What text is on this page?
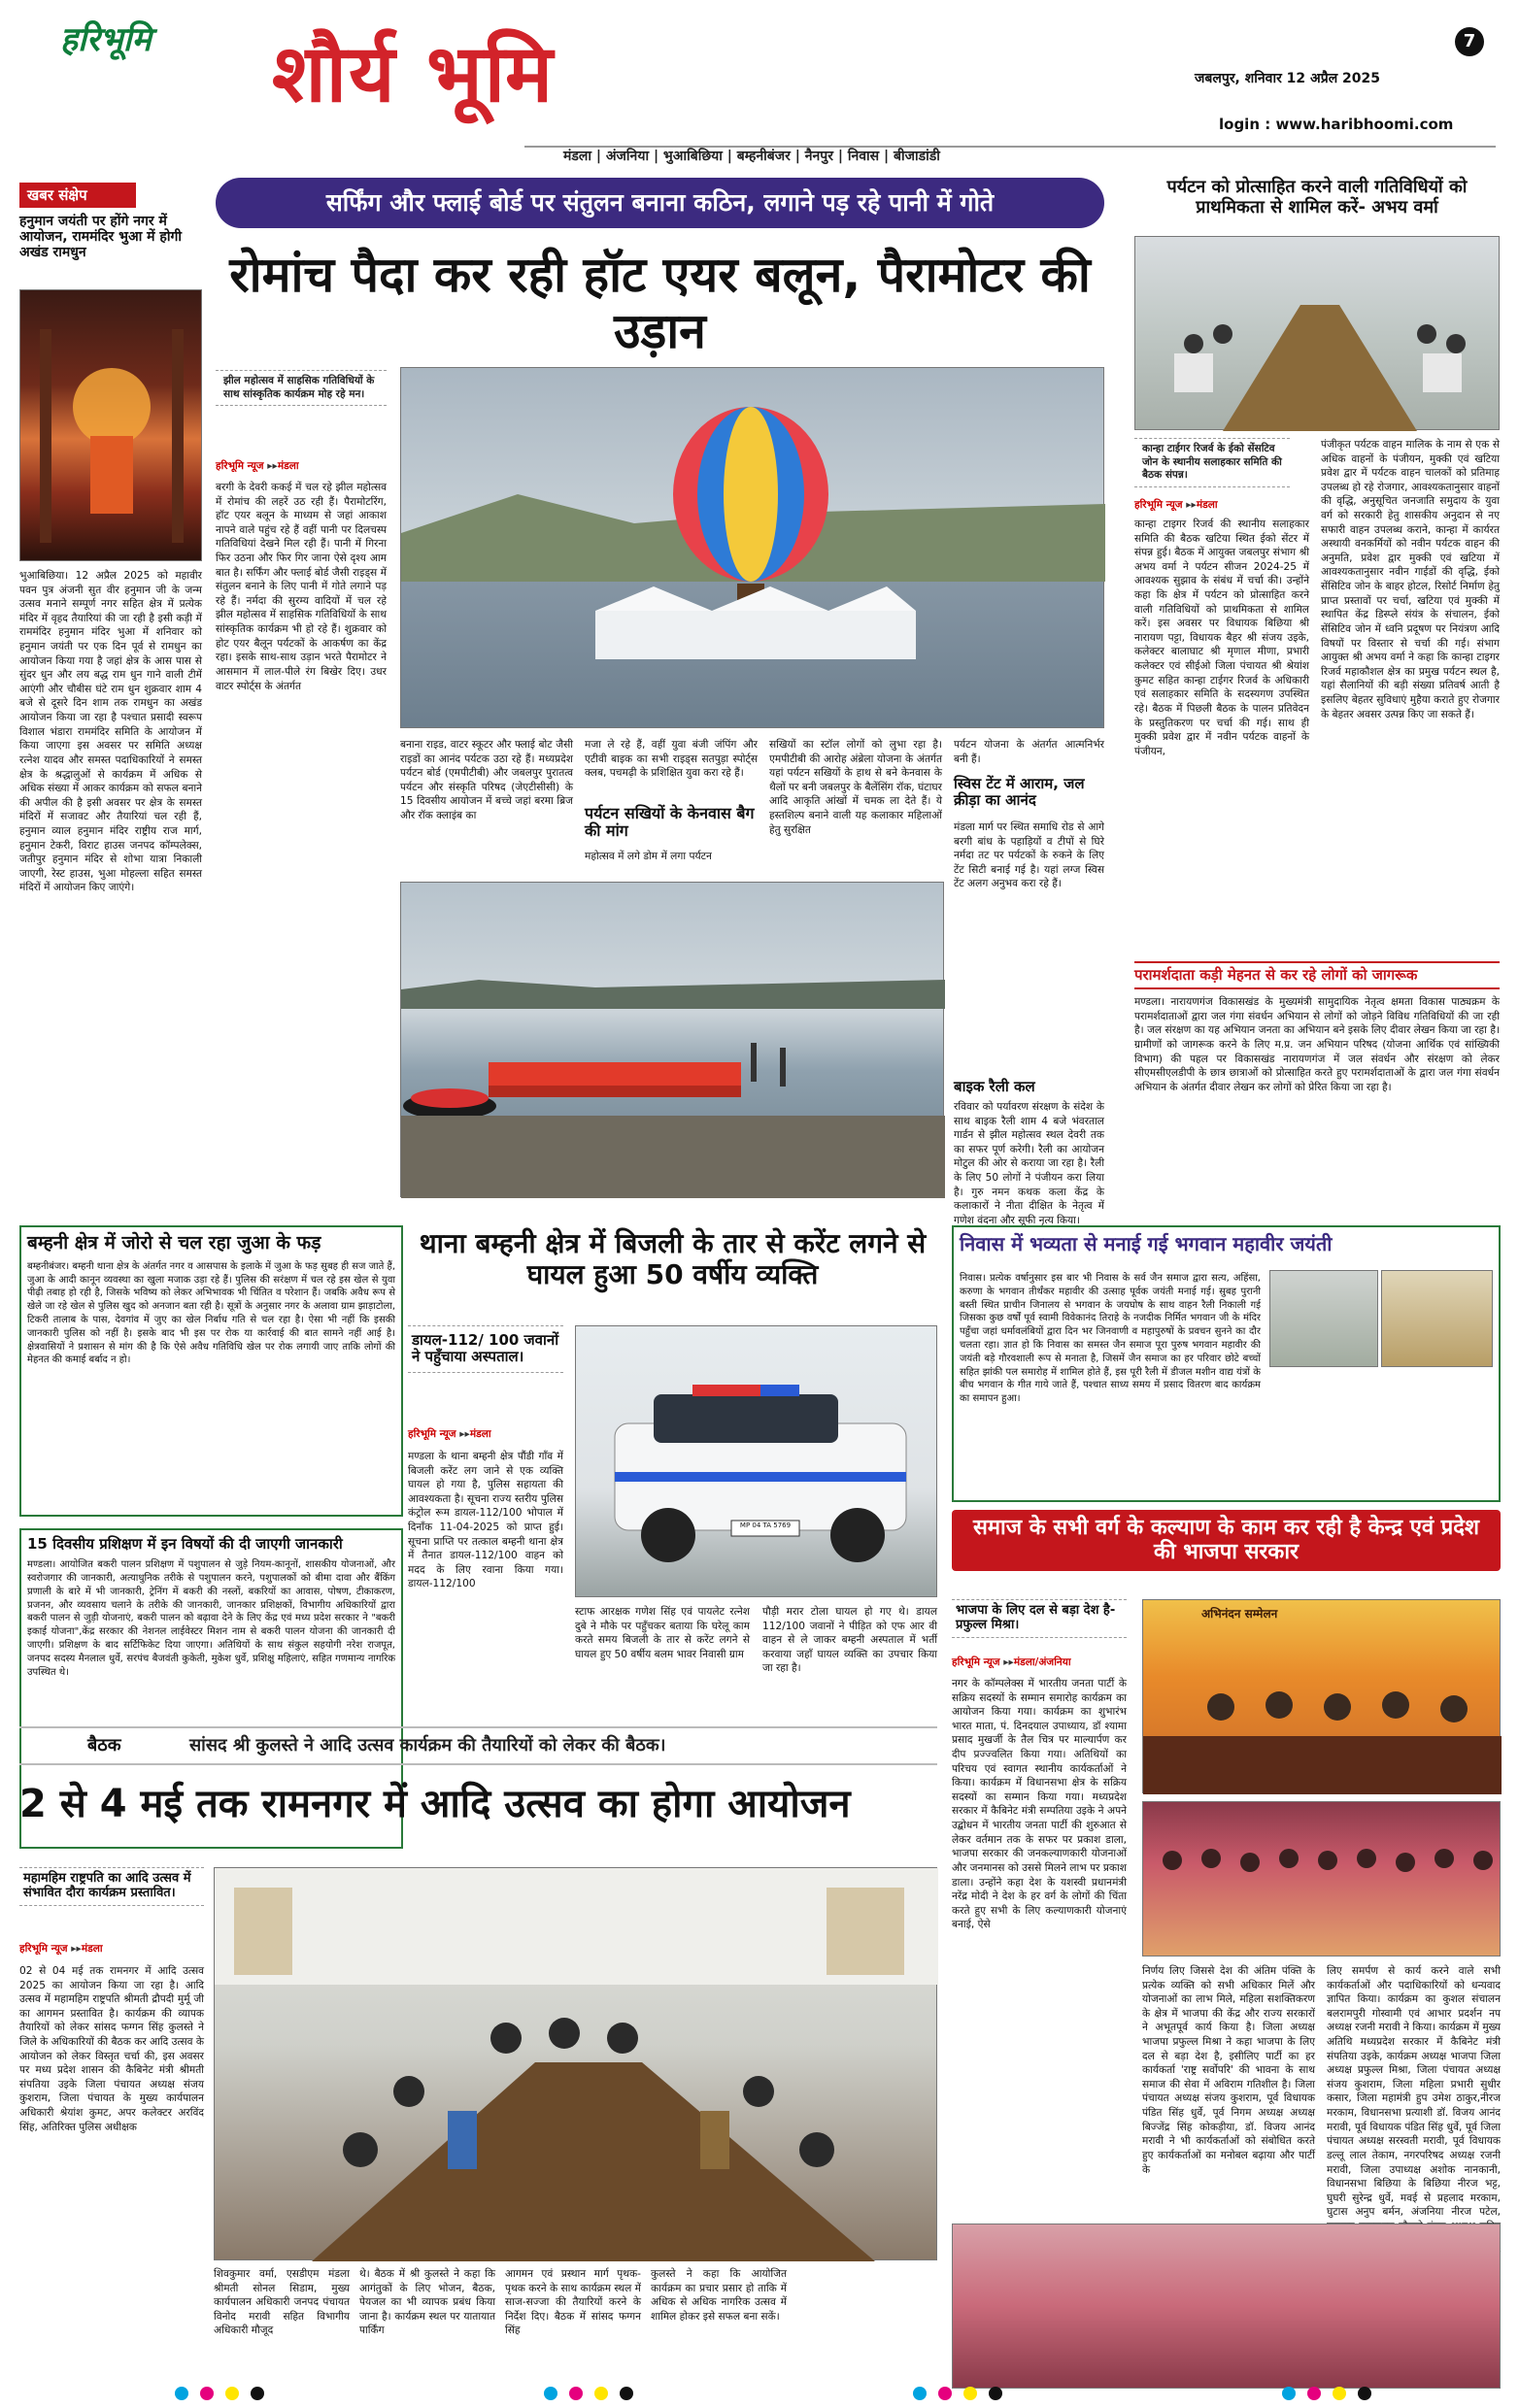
हरिभूमि शौर्य भूमि	7
जबलपुर, शनिवार 12 अप्रैल 2025
login : www.haribhoomi.com
मंडला | अंजनिया | भुआबिछिया | बम्हनीबंजर | नैनपुर | निवास | बीजाडांडी
खबर संक्षेप
हनुमान जयंती पर होंगे नगर में आयोजन, राममंदिर भुआ में होगी अखंड रामधुन
भुआबिछिया। 12 अप्रैल 2025 को महावीर पवन पुत्र अंजनी सुत वीर हनुमान जी के जन्म उत्सव मनाने सम्पूर्ण नगर सहित क्षेत्र में प्रत्येक मंदिर में वृहद तैयारियां की जा रही है इसी कड़ी में राममंदिर हनुमान मंदिर भुआ में शनिवार को हनुमान जयंती पर एक दिन पूर्व से रामधुन का आयोजन किया गया है जहां क्षेत्र के आस पास से सुंदर धुन और लय बद्ध राम धुन गाने वाली टीमें आएंगी और चौबीस घंटे राम धुन शुक्रवार शाम 4 बजे से दूसरे दिन शाम तक रामधुन का अखंड आयोजन किया जा रहा है पश्चात प्रसादी स्वरूप विशाल भंडारा राममंदिर समिति के आयोजन में किया जाएगा इस अवसर पर समिति अध्यक्ष रत्नेश यादव और समस्त पदाधिकारियों ने समस्त क्षेत्र के श्रद्धालुओं से कार्यक्रम में अधिक से अधिक संख्या में आकर कार्यक्रम को सफल बनाने की अपील की है इसी अवसर पर क्षेत्र के समस्त मंदिरों में सजावट और तैयारियां चल रही हैं, हनुमान व्याल हनुमान मंदिर राष्ट्रीय राज मार्ग, हनुमान टेकरी, विराट हाउस जनपद कॉम्पलेक्स, जतीपुर हनुमान मंदिर से शोभा यात्रा निकाली जाएगी, रेस्ट हाउस, भुआ मोहल्ला सहित समस्त मंदिरों में आयोजन किए जाएंगे।
सर्फिंग और फ्लाई बोर्ड पर संतुलन बनाना कठिन, लगाने पड़ रहे पानी में गोते
रोमांच पैदा कर रही हॉट एयर बलून, पैरामोटर की उड़ान
झील महोत्सव में साहसिक गतिविधियों के साथ सांस्कृतिक कार्यक्रम मोह रहे मन।
हरिभूमि न्यूज ▸▸मंडला
बरगी के देवरी ककई में चल रहे झील महोत्सव में रोमांच की लहरें उठ रही हैं। पैरामोटरिंग, हॉट एयर बलून के माध्यम से जहां आकाश नापने वाले पहुंच रहे हैं वहीं पानी पर दिलचस्प गतिविधियां देखने मिल रही हैं। पानी में गिरना फिर उठना और फिर गिर जाना ऐसे दृश्य आम बात है। सर्फिंग और फ्लाई बोर्ड जैसी राइड्स में संतुलन बनाने के लिए पानी में गोते लगाने पड़ रहे हैं। नर्मदा की सुरम्य वादियों में चल रहे झील महोत्सव में साहसिक गतिविधियों के साथ सांस्कृतिक कार्यक्रम भी हो रहे हैं। शुक्रवार को होट एयर बैलून पर्यटकों के आकर्षण का केंद्र रहा। इसके साथ-साथ उड़ान भरते पैरामोटर ने आसमान में लाल-पीले रंग बिखेर दिए। उधर वाटर स्पोर्ट्स के अंतर्गत
बनाना राइड, वाटर स्कूटर और फ्लाई बोट जैसी राइडों का आनंद पर्यटक उठा रहे हैं। मध्यप्रदेश पर्यटन बोर्ड (एमपीटीबी) और जबलपुर पुरातत्व पर्यटन और संस्कृति परिषद (जेएटीसीसी) के 15 दिवसीय आयोजन में बच्चे जहां बरमा ब्रिज और रॉक क्लाइंब का
मजा ले रहे हैं, वहीं युवा बंजी जंपिंग और एटीवी बाइक का सभी राइड्स सतपुड़ा स्पोर्ट्स क्लब, पचमढ़ी के प्रशिक्षित युवा करा रहे हैं।
पर्यटन सखियों के केनवास बैग की मांग
महोत्सव में लगे डोम में लगा पर्यटन
सखियों का स्टॉल लोगों को लुभा रहा है। एमपीटीबी की आरोह अंब्रेला योजना के अंतर्गत यहां पर्यटन सखियों के हाथ से बने केनवास के थैलों पर बनी जबलपुर के बैलेंसिंग रॉक, घंटाघर आदि आकृति आंखों में चमक ला देते हैं। ये हस्तशिल्प बनाने वाली यह कलाकार महिलाओं हेतु सुरक्षित
पर्यटन योजना के अंतर्गत आत्मनिर्भर बनी हैं।
स्विस टेंट में आराम, जल क्रीड़ा का आनंद
मंडला मार्ग पर स्थित समाधि रोड से आगे बरगी बांध के पहाड़ियों व टीपों से घिरे नर्मदा तट पर पर्यटकों के रुकने के लिए टेंट सिटी बनाई गई है। यहां लग्ज स्विस टेंट अलग अनुभव करा रहे हैं।
बाइक रैली कल
रविवार को पर्यावरण संरक्षण के संदेश के साथ बाइक रैली शाम 4 बजे भंवरताल गार्डन से झील महोत्सव स्थल देवरी तक का सफर पूर्ण करेगी। रैली का आयोजन मोटुल की ओर से कराया जा रहा है। रैली के लिए 50 लोगों ने पंजीयन करा लिया है। गुरु नमन कथक कला केंद्र के कलाकारों ने नीता दीक्षित के नेतृत्व में गणेश वंदना और सूफी नृत्य किया।
पर्यटन को प्रोत्साहित करने वाली गतिविधियों को प्राथमिकता से शामिल करें- अभय वर्मा
कान्हा टाईगर रिजर्व के ईको सेंसटिव जोन के स्थानीय सलाहकार समिति की बैठक संपन्न।
हरिभूमि न्यूज ▸▸मंडला
कान्हा टाइगर रिजर्व की स्थानीय सलाहकार समिति की बैठक खटिया स्थित ईको सेंटर में संपन्न हुई। बैठक में आयुक्त जबलपुर संभाग श्री अभय वर्मा ने पर्यटन सीजन 2024-25 में आवश्यक सुझाव के संबंध में चर्चा की। उन्होंने कहा कि क्षेत्र में पर्यटन को प्रोत्साहित करने वाली गतिविधियों को प्राथमिकता से शामिल करें। इस अवसर पर विधायक बिछिया श्री नारायण पट्टा, विधायक बैहर श्री संजय उइके, कलेक्टर बालाघाट श्री मृणाल मीणा, प्रभारी कलेक्टर एवं सीईओ जिला पंचायत श्री श्रेयांश कुमट सहित कान्हा टाईगर रिजर्व के अधिकारी एवं सलाहकार समिति के सदस्यगण उपस्थित रहे। बैठक में पिछली बैठक के पालन प्रतिवेदन के प्रस्तुतिकरण पर चर्चा की गई। साथ ही मुक्की प्रवेश द्वार में नवीन पर्यटक वाहनों के पंजीयन,
पंजीकृत पर्यटक वाहन मालिक के नाम से एक से अधिक वाहनों के पंजीयन, मुक्की एवं खटिया प्रवेश द्वार में पर्यटक वाहन चालकों को प्रतिमाह उपलब्ध हो रहे रोजगार, आवश्यकतानुसार वाहनों की वृद्धि, अनुसूचित जनजाति समुदाय के युवा वर्ग को सरकारी हेतु शासकीय अनुदान से नए सफारी वाहन उपलब्ध कराने, कान्हा में कार्यरत अस्थायी वनकर्मियों को नवीन पर्यटक वाहन की अनुमति, प्रवेश द्वार मुक्की एवं खटिया में आवश्यकतानुसार नवीन गाईडों की वृद्धि, ईको सेंसिटिव जोन के बाहर होटल, रिसोर्ट निर्माण हेतु प्राप्त प्रस्तावों पर चर्चा, खटिया एवं मुक्की में स्थापित केंद्र डिस्प्ले संयंत्र के संचालन, ईको सेंसिटिव जोन में ध्वनि प्रदूषण पर नियंत्रण आदि विषयों पर विस्तार से चर्चा की गई। संभाग आयुक्त श्री अभय वर्मा ने कहा कि कान्हा टाइगर रिजर्व महाकौशल क्षेत्र का प्रमुख पर्यटन स्थल है, यहां सैलानियों की बड़ी संख्या प्रतिवर्ष आती है इसलिए बेहतर सुविधाएं मुहैया कराते हुए रोजगार के बेहतर अवसर उत्पन्न किए जा सकते हैं।
परामर्शदाता कड़ी मेहनत से कर रहे लोगों को जागरूक
मण्डला। नारायणगंज विकासखंड के मुख्यमंत्री सामुदायिक नेतृत्व क्षमता विकास पाठ्यक्रम के परामर्शदाताओं द्वारा जल गंगा संवर्धन अभियान से लोगों को जोड़ने विविध गतिविधियों की जा रही है। जल संरक्षण का यह अभियान जनता का अभियान बने इसके लिए दीवार लेखन किया जा रहा है। ग्रामीणों को जागरूक करने के लिए म.प्र. जन अभियान परिषद (योजना आर्थिक एवं सांख्यिकी विभाग) की पहल पर विकासखंड नारायणगंज में जल संवर्धन और संरक्षण को लेकर सीएमसीएलडीपी के छात्र छात्राओं को प्रोत्साहित करते हुए परामर्शदाताओं के द्वारा जल गंगा संवर्धन अभियान के अंतर्गत दीवार लेखन कर लोगों को प्रेरित किया जा रहा है।
बम्हनी क्षेत्र में जोरो से चल रहा जुआ के फड़
बम्हनीबंजर। बम्हनी थाना क्षेत्र के अंतर्गत नगर व आसपास के इलाके में जुआ के फड़ सुबह ही सज जाते हैं, जुआ के आदी कानून व्यवस्था का खुला मजाक उड़ा रहे हैं। पुलिस की सरंक्षण में चल रहे इस खेल से युवा पीढ़ी तबाह हो रही है, जिसके भविष्य को लेकर अभिभावक भी चिंतित व परेशान हैं। जबकि अवैध रूप से खेले जा रहे खेल से पुलिस खुद को अनजान बता रही है। सूत्रों के अनुसार नगर के अलावा ग्राम झाड़ाटोला, टिकरी तालाब के पास, देवगांव में जुए का खेल निर्बाध गति से चल रहा है। ऐसा भी नहीं कि इसकी जानकारी पुलिस को नहीं है। इसके बाद भी इस पर रोक या कार्रवाई की बात सामने नहीं आई है। क्षेत्रवासियों ने प्रशासन से मांग की है कि ऐसे अवैध गतिविधि खेल पर रोक लगायी जाए ताकि लोगों की मेहनत की कमाई बर्बाद न हो।
15 दिवसीय प्रशिक्षण में इन विषयों की दी जाएगी जानकारी
मण्डला। आयोजित बकरी पालन प्रशिक्षण में पशुपालन से जुड़े नियम-कानूनों, शासकीय योजनाओं, और स्वरोजगार की जानकारी, अत्याधुनिक तरीके से पशुपालन करने, पशुपालकों को बीमा दावा और बैंकिंग प्रणाली के बारे में भी जानकारी, ट्रेनिंग में बकरी की नस्लों, बकरियों का आवास, पोषण, टीकाकरण, प्रजनन, और व्यवसाय चलाने के तरीके की जानकारी, जानकार प्रशिक्षकों, विभागीय अधिकारियों द्वारा बकरी पालन से जुड़ी योजनाएं, बकरी पालन को बढ़ावा देने के लिए केंद्र एवं मध्य प्रदेश सरकार ने "बकरी इकाई योजना",केंद्र सरकार की नेशनल लाईवेस्टर मिशन नाम से बकरी पालन योजना की जानकारी दी जाएगी। प्रशिक्षण के बाद सर्टिफिकेट दिया जाएगा। अतिथियों के साथ संकुल सहयोगी नरेश राजपूत, जनपद सदस्य मैनलाल धुर्वे, सरपंच बैजवंती कुकेती, मुकेश धुर्वे, प्रशिक्षु महिलाएं, सहित गणमान्य नागरिक उपस्थित थे।
थाना बम्हनी क्षेत्र में बिजली के तार से करेंट लगने से घायल हुआ 50 वर्षीय व्यक्ति
डायल-112/ 100 जवानों ने पहुँचाया अस्पताल।
हरिभूमि न्यूज ▸▸मंडला
मण्डला के थाना बम्हनी क्षेत्र पौंडी गाँव में बिजली करेंट लग जाने से एक व्यक्ति घायल हो गया है, पुलिस सहायता की आवश्यकता है। सूचना राज्य स्तरीय पुलिस कंट्रोल रूम डायल-112/100 भोपाल में दिनाँक 11-04-2025 को प्राप्त हुई। सूचना प्राप्ति पर तत्काल बम्हनी थाना क्षेत्र में तैनात डायल-112/100 वाहन को मदद के लिए रवाना किया गया। डायल-112/100
MP 04 TA 5769
स्टाफ आरक्षक गणेश सिंह एवं पायलेट रत्नेश दुबे ने मौके पर पहुँचकर बताया कि घरेलू काम करते समय बिजली के तार से करेंट लगने से घायल हुए 50 वर्षीय बलम भावर निवासी ग्राम
पौड़ी मरार टोला घायल हो गए थे। डायल 112/100 जवानों ने पीड़ित को एफ आर वी वाहन से ले जाकर बम्हनी अस्पताल में भर्ती करवाया जहाँ घायल व्यक्ति का उपचार किया जा रहा है।
निवास में भव्यता से मनाई गई भगवान महावीर जयंती
निवास। प्रत्येक वर्षानुसार इस बार भी निवास के सर्व जैन समाज द्वारा सत्य, अहिंसा, करुणा के भगवान तीर्थंकर महावीर की उत्साह पूर्वक जयंती मनाई गई। सुबह पुरानी बस्ती स्थित प्राचीन जिनालय से भगवान के जयघोष के साथ वाहन रैली निकाली गई जिसका कुछ वर्षों पूर्व स्वामी विवेकानंद तिराहे के नजदीक निर्मित भगवान जी के मंदिर पहुँचा जहां धर्मावलंबियों द्वारा दिन भर जिनवाणी व महापुरुषों के प्रवचन सुनने का दौर चलता रहा। ज्ञात हो कि निवास का समस्त जैन समाज पूरा पुरुष भगवान महावीर की जयंती बड़े गौरवशाली रूप से मनाता है, जिसमें जैन समाज का हर परिवार छोटे बच्चों सहित झांकी पल समारोह में शामिल होते हैं, इस पूरी रैली में डीजल मशीन वाद्य यंत्रों के बीच भगवान के गीत गाये जाते हैं, पश्चात साध्य समय में प्रसाद वितरण बाद कार्यक्रम का समापन हुआ।
समाज के सभी वर्ग के कल्याण के काम कर रही है केन्द्र एवं प्रदेश की भाजपा सरकार
भाजपा के लिए दल से बड़ा देश है-प्रफुल्ल मिश्रा।
हरिभूमि न्यूज ▸▸मंडला/अंजनिया
नगर के कॉम्पलेक्स में भारतीय जनता पार्टी के सक्रिय सदस्यों के सम्मान समारोह कार्यक्रम का आयोजन किया गया। कार्यक्रम का शुभारंभ भारत माता, पं. दिनदयाल उपाध्याय, डॉ श्यामा प्रसाद मुखर्जी के तैल चित्र पर माल्यार्पण कर दीप प्रज्ज्वलित किया गया। अतिथियों का परिचय एवं स्वागत स्थानीय कार्यकर्ताओं ने किया। कार्यक्रम में विधानसभा क्षेत्र के सक्रिय सदस्यों का सम्मान किया गया। मध्यप्रदेश सरकार में कैबिनेट मंत्री सम्पतिया उइके ने अपने उद्बोधन में भारतीय जनता पार्टी की शुरुआत से लेकर वर्तमान तक के सफर पर प्रकाश डाला, भाजपा सरकार की जनकल्याणकारी योजनाओं और जनमानस को उससे मिलने लाभ पर प्रकाश डाला। उन्होंने कहा देश के यशस्वी प्रधानमंत्री नरेंद्र मोदी ने देश के हर वर्ग के लोगों की चिंता करते हुए सभी के लिए कल्याणकारी योजनाएं बनाई, ऐसे
अभिनंदन सम्मेलन
निर्णय लिए जिससे देश की अंतिम पंक्ति के प्रत्येक व्यक्ति को सभी अधिकार मिलें और योजनाओं का लाभ मिले, महिला सशक्तिकरण के क्षेत्र में भाजपा की केंद्र और राज्य सरकारों ने अभूतपूर्व कार्य किया है। जिला अध्यक्ष भाजपा प्रफुल्ल मिश्रा ने कहा भाजपा के लिए दल से बड़ा देश है, इसीलिए पार्टी का हर कार्यकर्ता 'राष्ट्र सर्वोपरि' की भावना के साथ समाज की सेवा में अविराम गतिशील है। जिला पंचायत अध्यक्ष संजय कुशराम, पूर्व विधायक पंडित सिंह धुर्वे, पूर्व निगम अध्यक्ष अध्यक्ष बिज्जेंद्र सिंह कोकड़ीया, डॉ. विजय आनंद मरावी ने भी कार्यकर्ताओं को संबोधित करते हुए कार्यकर्ताओं का मनोबल बढ़ाया और पार्टी के
लिए समर्पण से कार्य करने वाले सभी कार्यकर्ताओं और पदाधिकारियों को धन्यवाद ज्ञापित किया। कार्यक्रम का कुशल संचालन बलरामपुरी गोस्वामी एवं आभार प्रदर्शन नप अध्यक्ष रजनी मरावी ने किया। कार्यक्रम में मुख्य अतिथि मध्यप्रदेश सरकार में कैबिनेट मंत्री संपतिया उइके, कार्यक्रम अध्यक्ष भाजपा जिला अध्यक्ष प्रफुल्ल मिश्रा, जिला पंचायत अध्यक्ष संजय कुशराम, जिला महिला प्रभारी सुधीर कसार, जिला महामंत्री हुप उमेश ठाकुर,नीरज मरकाम, विधानसभा प्रत्याशी डॉ. विजय आनंद मरावी, पूर्व विधायक पंडित सिंह धुर्वे, पूर्व जिला पंचायत अध्यक्ष सरस्वती मरावी, पूर्व विधायक डल्लू लाल तेकाम, नगरपरिषद अध्यक्ष रजनी मरावी, जिला उपाध्यक्ष अशोक नानकानी, विधानसभा बिछिया के बिछिया नीरज भट्ट, घुघरी सुरेन्द्र धुर्वे, मवई से प्रहलाद मरकाम, घुटास अनुप बर्मन, अंजनिया नीरज पटेल,
बैठक	सांसद श्री कुलस्ते ने आदि उत्सव कार्यक्रम की तैयारियों को लेकर की बैठक।
2 से 4 मई तक रामनगर में आदि उत्सव का होगा आयोजन
महामहिम राष्ट्रपति का आदि उत्सव में संभावित दौरा कार्यक्रम प्रस्तावित।
हरिभूमि न्यूज ▸▸मंडला
02 से 04 मई तक रामनगर में आदि उत्सव 2025 का आयोजन किया जा रहा है। आदि उत्सव में महामहिम राष्ट्रपति श्रीमती द्रौपदी मुर्मू जी का आगमन प्रस्तावित है। कार्यक्रम की व्यापक तैयारियों को लेकर सांसद फग्गन सिंह कुलस्ते ने जिले के अधिकारियों की बैठक कर आदि उत्सव के आयोजन को लेकर विस्तृत चर्चा की, इस अवसर पर मध्य प्रदेश शासन की कैबिनेट मंत्री श्रीमती संपतिया उइके जिला पंचायत अध्यक्ष संजय कुशराम, जिला पंचायत के मुख्य कार्यपालन अधिकारी श्रेयांश कुमट, अपर कलेक्टर अरविंद सिंह, अतिरिक्त पुलिस अधीक्षक
शिवकुमार वर्मा, एसडीएम मंडला श्रीमती सोनल सिडाम, मुख्य कार्यपालन अधिकारी जनपद पंचायत विनोद मरावी सहित विभागीय अधिकारी मौजूद
थे। बैठक में श्री कुलस्ते ने कहा कि आगंतुकों के लिए भोजन, बैठक, पेयजल का भी व्यापक प्रबंध किया जाना है। कार्यक्रम स्थल पर यातायात पार्किंग
आगमन एवं प्रस्थान मार्ग पृथक-पृथक करने के साथ कार्यक्रम स्थल में साज-सज्जा की तैयारियों करने के निर्देश दिए। बैठक में सांसद फग्गन सिंह
कुलस्ते ने कहा कि आयोजित कार्यक्रम का प्रचार प्रसार हो ताकि में अधिक से अधिक नागरिक उत्सव में शामिल होकर इसे सफल बना सकें।
